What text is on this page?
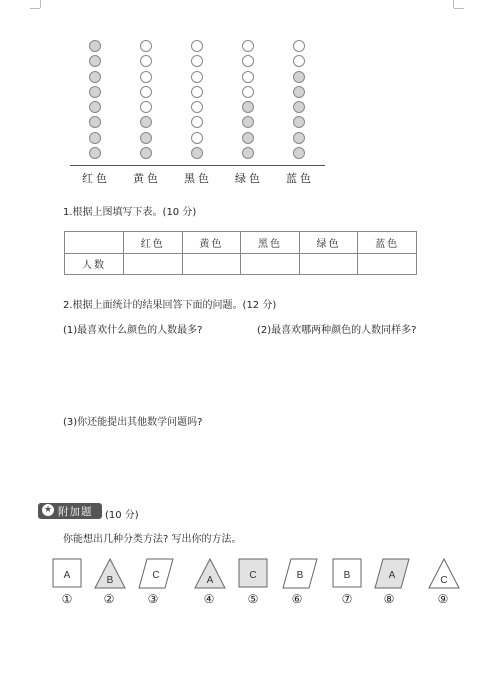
红色	黄色	黑色	绿色	蓝色
1.根据上图填写下表。(10 分)
	红色	黄色	黑色	绿色	蓝色
人数					
2.根据上面统计的结果回答下面的问题。(12 分)
(1)最喜欢什么颜色的人数最多?	(2)最喜欢哪两种颜色的人数同样多?
(3)你还能提出其他数学问题吗?
★ 附加题 (10 分)
你能想出几种分类方法? 写出你的方法。
A
①
B
②
C
③
A
④
C
⑤
B
⑥
B
⑦
A
⑧
C
⑨
